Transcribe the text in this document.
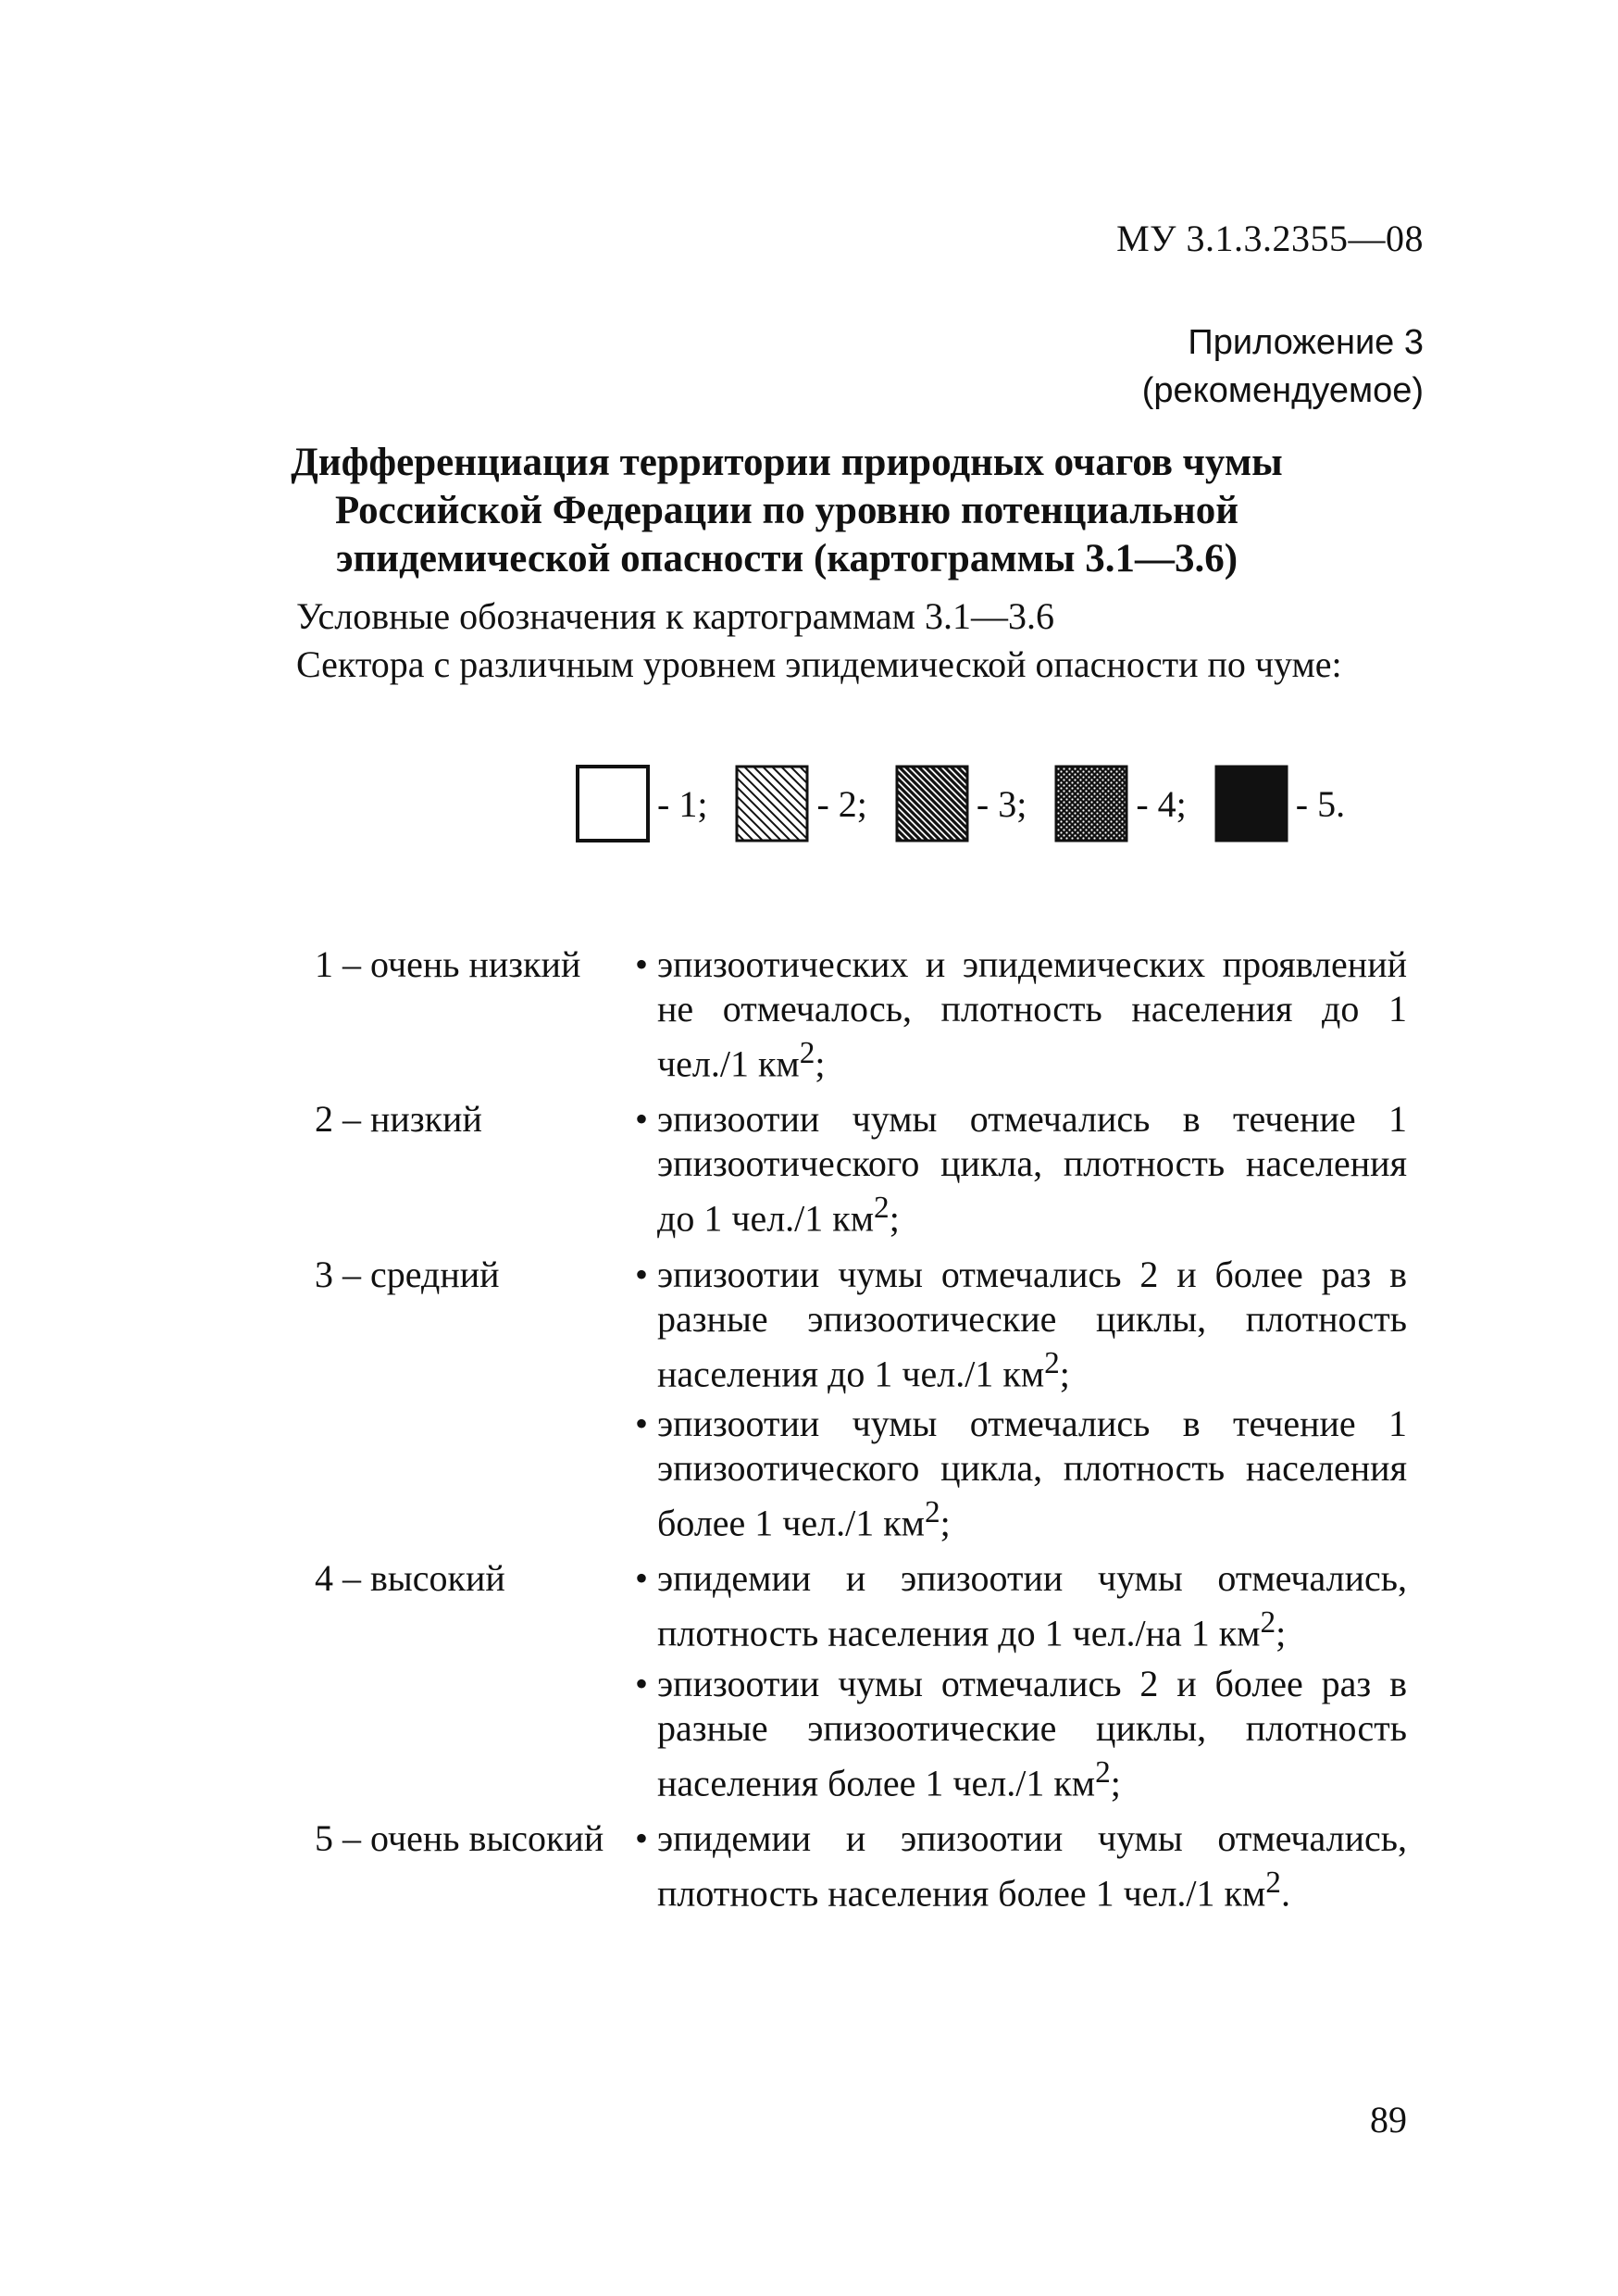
МУ 3.1.3.2355—08
Приложение 3
(рекомендуемое)
Дифференциация территории природных очагов чумы
Российской Федерации по уровню потенциальной
эпидемической опасности (картограммы 3.1—3.6)
Условные обозначения к картограммам 3.1—3.6
Сектора с различным уровнем эпидемической опасности по чуме:
- 1;	- 2;	- 3;	- 4;	- 5.
1 – очень низкий	• эпизоотических и эпидемических проявлений не отмечалось, плотность населения до 1 чел./1 $км^2$;
2 – низкий	• эпизоотии чумы отмечались в течение 1 эпизоотического цикла, плотность населения до 1 чел./1 $км^2$;
3 – средний	• эпизоотии чумы отмечались 2 и более раз в разные эпизоотические циклы, плотность населения до 1 чел./1 $км^2$;
• эпизоотии чумы отмечались в течение 1 эпизоотического цикла, плотность населения более 1 чел./1 $км^2$;
4 – высокий	• эпидемии и эпизоотии чумы отмечались, плотность населения до 1 чел./на 1 $км^2$;
• эпизоотии чумы отмечались 2 и более раз в разные эпизоотические циклы, плотность населения более 1 чел./1 $км^2$;
5 – очень высокий • эпидемии и эпизоотии чумы отмечались, плотность населения более 1 чел./1 $км^2$.
89
